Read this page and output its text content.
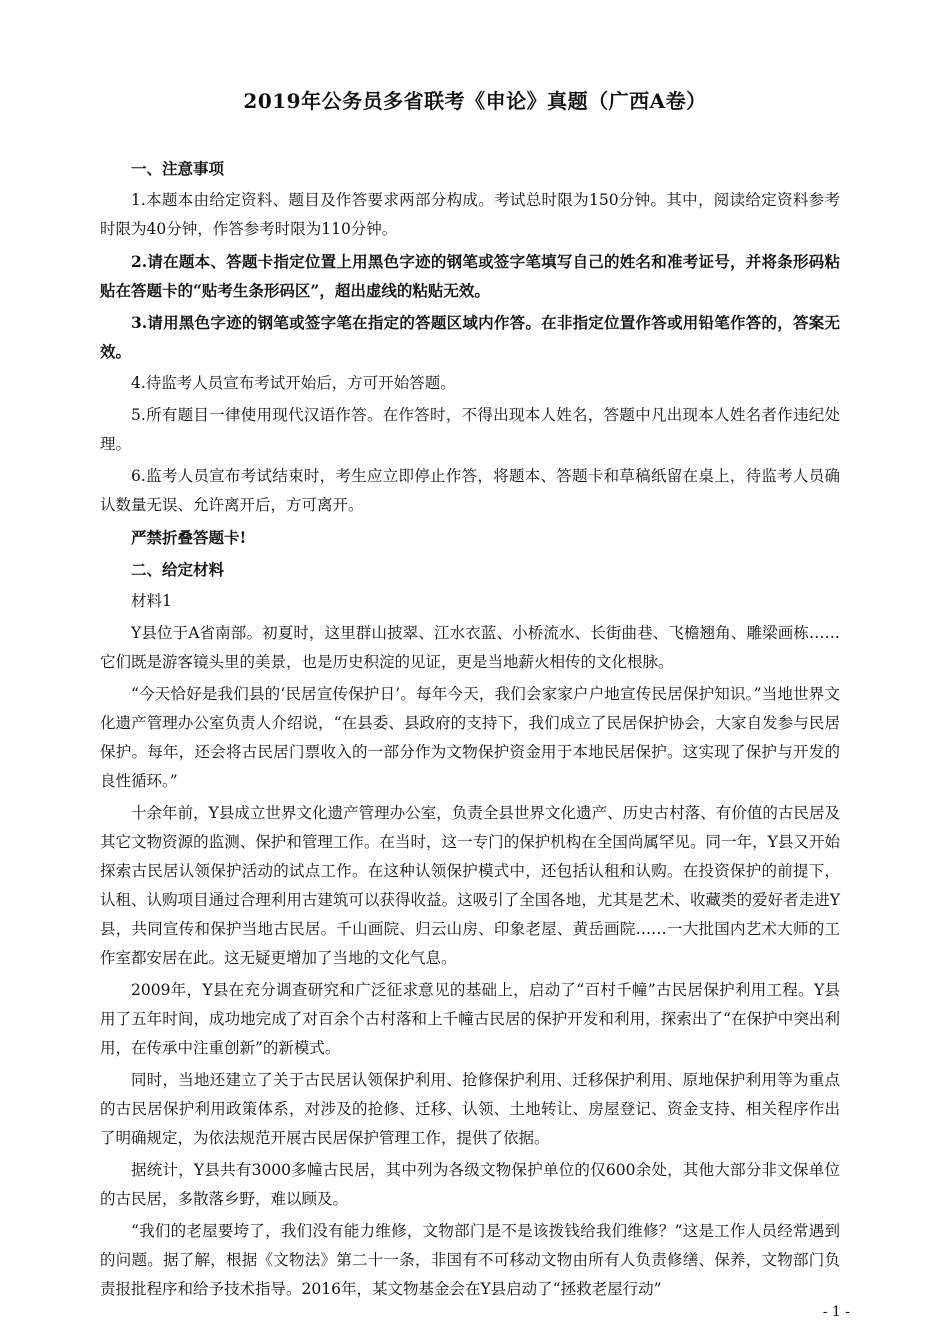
2019年公务员多省联考《申论》真题（广西A卷）
一、注意事项

1.本题本由给定资料、题目及作答要求两部分构成。考试总时限为150分钟。其中，阅读给定资料参考时限为40分钟，作答参考时限为110分钟。

2.请在题本、答题卡指定位置上用黑色字迹的钢笔或签字笔填写自己的姓名和准考证号，并将条形码粘贴在答题卡的“贴考生条形码区”，超出虚线的粘贴无效。

3.请用黑色字迹的钢笔或签字笔在指定的答题区域内作答。在非指定位置作答或用铅笔作答的，答案无效。

4.待监考人员宣布考试开始后，方可开始答题。

5.所有题目一律使用现代汉语作答。在作答时，不得出现本人姓名，答题中凡出现本人姓名者作违纪处理。

6.监考人员宣布考试结束时，考生应立即停止作答，将题本、答题卡和草稿纸留在桌上，待监考人员确认数量无误、允许离开后，方可离开。

严禁折叠答题卡!

二、给定材料
材料1

Y县位于A省南部。初夏时，这里群山披翠、江水衣蓝、小桥流水、长街曲巷、飞檐翘角、雕梁画栋……它们既是游客镜头里的美景，也是历史积淀的见证，更是当地薪火相传的文化根脉。

“今天恰好是我们县的‘民居宣传保护日’。每年今天，我们会家家户户地宣传民居保护知识。”当地世界文化遗产管理办公室负责人介绍说，“在县委、县政府的支持下，我们成立了民居保护协会，大家自发参与民居保护。每年，还会将古民居门票收入的一部分作为文物保护资金用于本地民居保护。这实现了保护与开发的良性循环。”

十余年前，Y县成立世界文化遗产管理办公室，负责全县世界文化遗产、历史古村落、有价值的古民居及其它文物资源的监测、保护和管理工作。在当时，这一专门的保护机构在全国尚属罕见。同一年，Y县又开始探索古民居认领保护活动的试点工作。在这种认领保护模式中，还包括认租和认购。在投资保护的前提下，认租、认购项目通过合理利用古建筑可以获得收益。这吸引了全国各地，尤其是艺术、收藏类的爱好者走进Y县，共同宣传和保护当地古民居。千山画院、归云山房、印象老屋、黄岳画院……一大批国内艺术大师的工作室都安居在此。这无疑更增加了当地的文化气息。

2009年，Y县在充分调查研究和广泛征求意见的基础上，启动了“百村千幢”古民居保护利用工程。Y县用了五年时间，成功地完成了对百余个古村落和上千幢古民居的保护开发和利用，探索出了“在保护中突出利用，在传承中注重创新”的新模式。

同时，当地还建立了关于古民居认领保护利用、抢修保护利用、迁移保护利用、原地保护利用等为重点的古民居保护利用政策体系，对涉及的抢修、迁移、认领、土地转让、房屋登记、资金支持、相关程序作出了明确规定，为依法规范开展古民居保护管理工作，提供了依据。

据统计，Y县共有3000多幢古民居，其中列为各级文物保护单位的仅600余处，其他大部分非文保单位的古民居，多散落乡野，难以顾及。

“我们的老屋要垮了，我们没有能力维修，文物部门是不是该拨钱给我们维修？”这是工作人员经常遇到的问题。据了解，根据《文物法》第二十一条，非国有不可移动文物由所有人负责修缮、保养，文物部门负责报批程序和给予技术指导。2016年，某文物基金会在Y县启动了“拯救老屋行动”

- 1 -
